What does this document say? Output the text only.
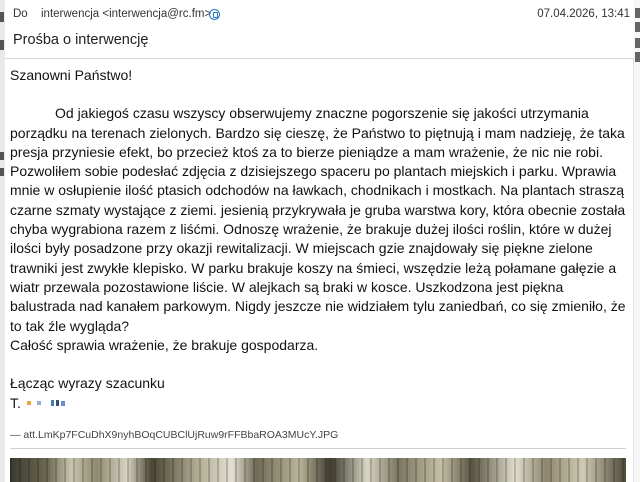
Do interwencja <interwencja@rc.fm>	07.04.2026, 13:41
Prośba o interwencję

Szanowni Państwo!

Od jakiegoś czasu wszyscy obserwujemy znaczne pogorszenie się jakości utrzymania porządku na terenach zielonych. Bardzo się cieszę, że Państwo to piętnują i mam nadzieję, że taka presja przyniesie efekt, bo przecież ktoś za to bierze pieniądze a mam wrażenie, że nic nie robi. Pozwoliłem sobie podesłać zdjęcia z dzisiejszego spaceru po plantach miejskich i parku. Wprawia mnie w osłupienie ilość ptasich odchodów na ławkach, chodnikach i mostkach. Na plantach straszą czarne szmaty wystające z ziemi. jesienią przykrywała je gruba warstwa kory, która obecnie została chyba wygrabiona razem z liśćmi. Odnoszę wrażenie, że brakuje dużej ilości roślin, które w dużej ilości były posadzone przy okazji rewitalizacji. W miejscach gzie znajdowały się piękne zielone trawniki jest zwykłe klepisko. W parku brakuje koszy na śmieci, wszędzie leżą połamane gałęzie a wiatr przewala pozostawione liście. W alejkach są braki w kosce. Uszkodzona jest piękna balustrada nad kanałem parkowym. Nigdy jeszcze nie widziałem tylu zaniedbań, co się zmieniło, że to tak źle wygląda?

Całość sprawia wrażenie, że brakuje gospodarza.

Łącząc wyrazy szacunku

T.
— att.LmKp7FCuDhX9nyhBOqCUBClUjRuw9rFFBbaROA3MUcY.JPG
